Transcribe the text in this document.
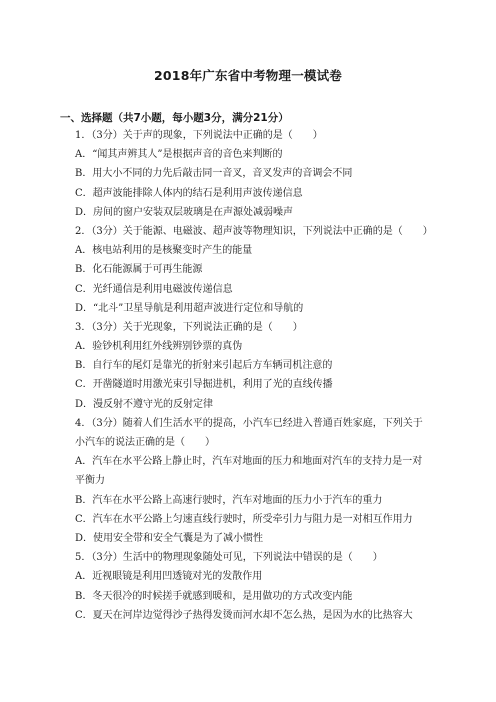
2018年广东省中考物理一模试卷
一、选择题（共7小题，每小题3分，满分21分）
1．（3分）关于声的现象，下列说法中正确的是（　　）
A．“闻其声辨其人”是根据声音的音色来判断的
B．用大小不同的力先后敲击同一音叉，音叉发声的音调会不同
C．超声波能排除人体内的结石是利用声波传递信息
D．房间的窗户安装双层玻璃是在声源处减弱噪声
2．（3分）关于能源、电磁波、超声波等物理知识，下列说法中正确的是（　　）
A．核电站利用的是核聚变时产生的能量
B．化石能源属于可再生能源
C．光纤通信是利用电磁波传递信息
D．“北斗”卫星导航是利用超声波进行定位和导航的
3．（3分）关于光现象，下列说法正确的是（　　）
A．验钞机利用红外线辨别钞票的真伪
B．自行车的尾灯是靠光的折射来引起后方车辆司机注意的
C．开凿隧道时用激光束引导掘进机，利用了光的直线传播
D．漫反射不遵守光的反射定律
4．（3分）随着人们生活水平的提高，小汽车已经进入普通百姓家庭，下列关于
小汽车的说法正确的是（　　）
A．汽车在水平公路上静止时，汽车对地面的压力和地面对汽车的支持力是一对
平衡力
B．汽车在水平公路上高速行驶时，汽车对地面的压力小于汽车的重力
C．汽车在水平公路上匀速直线行驶时，所受牵引力与阻力是一对相互作用力
D．使用安全带和安全气囊是为了减小惯性
5．（3分）生活中的物理现象随处可见，下列说法中错误的是（　　）
A．近视眼镜是利用凹透镜对光的发散作用
B．冬天很冷的时候搓手就感到暖和，是用做功的方式改变内能
C．夏天在河岸边觉得沙子热得发烫而河水却不怎么热，是因为水的比热容大
